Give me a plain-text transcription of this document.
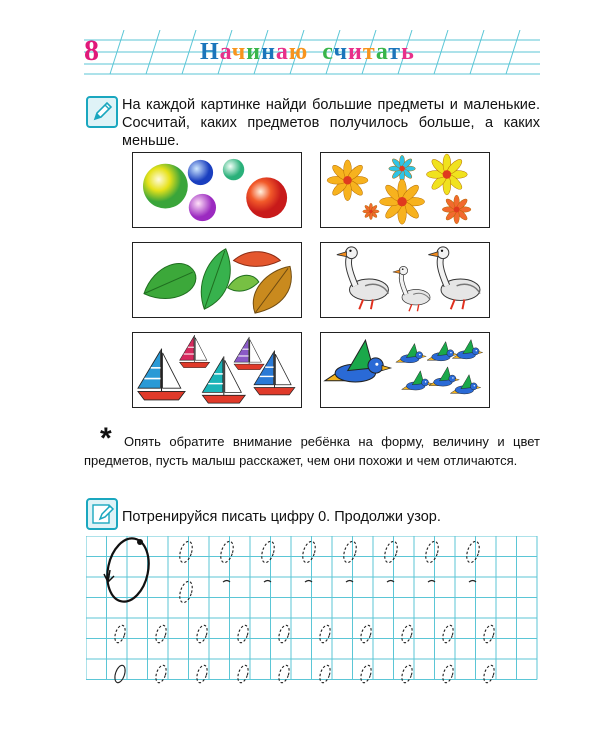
8	Начинаю считать
На каждой картинке найди большие предметы и маленькие. Сосчитай, каких предметов получилось больше, а каких меньше.
* Опять обратите внимание ребёнка на форму, величину и цвет предметов, пусть малыш расскажет, чем они похожи и чем отличаются.
Потренируйся писать цифру 0. Продолжи узор.
